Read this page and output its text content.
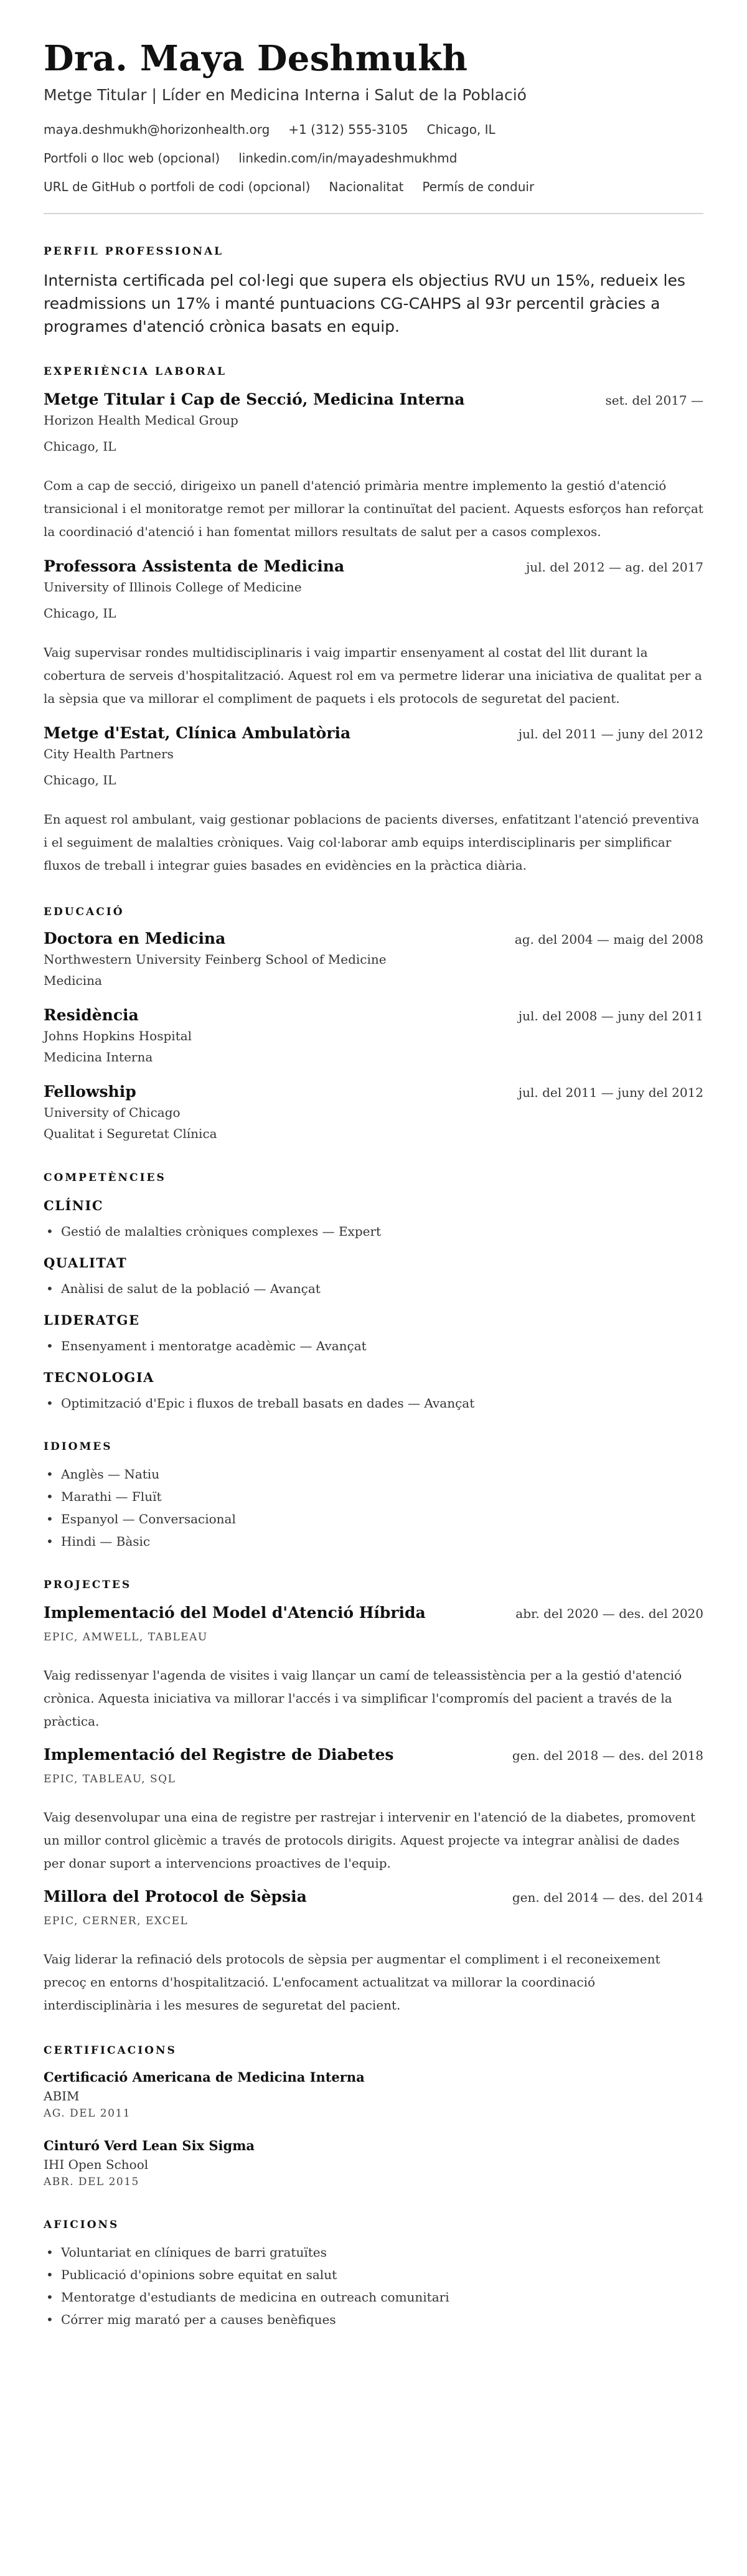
Dra. Maya Deshmukh
Metge Titular | Líder en Medicina Interna i Salut de la Població
maya.deshmukh@horizonhealth.org +1 (312) 555-3105 Chicago, IL
Portfoli o lloc web (opcional) linkedin.com/in/mayadeshmukhmd
URL de GitHub o portfoli de codi (opcional) Nacionalitat Permís de conduir
PERFIL PROFESSIONAL
Internista certificada pel col·legi que supera els objectius RVU un 15%, redueix les readmissions un 17% i manté puntuacions CG-CAHPS al 93r percentil gràcies a programes d'atenció crònica basats en equip.
EXPERIÈNCIA LABORAL
Metge Titular i Cap de Secció, Medicina Interna	set. del 2017 —
Horizon Health Medical Group
Chicago, IL
Com a cap de secció, dirigeixo un panell d'atenció primària mentre implemento la gestió d'atenció transicional i el monitoratge remot per millorar la continuïtat del pacient. Aquests esforços han reforçat la coordinació d'atenció i han fomentat millors resultats de salut per a casos complexos.
Professora Assistenta de Medicina	jul. del 2012 — ag. del 2017
University of Illinois College of Medicine
Chicago, IL
Vaig supervisar rondes multidisciplinaris i vaig impartir ensenyament al costat del llit durant la cobertura de serveis d'hospitalització. Aquest rol em va permetre liderar una iniciativa de qualitat per a la sèpsia que va millorar el compliment de paquets i els protocols de seguretat del pacient.
Metge d'Estat, Clínica Ambulatòria	jul. del 2011 — juny del 2012
City Health Partners
Chicago, IL
En aquest rol ambulant, vaig gestionar poblacions de pacients diverses, enfatitzant l'atenció preventiva i el seguiment de malalties cròniques. Vaig col·laborar amb equips interdisciplinaris per simplificar fluxos de treball i integrar guies basades en evidències en la pràctica diària.
EDUCACIÓ
Doctora en Medicina	ag. del 2004 — maig del 2008
Northwestern University Feinberg School of Medicine
Medicina
Residència	jul. del 2008 — juny del 2011
Johns Hopkins Hospital
Medicina Interna
Fellowship	jul. del 2011 — juny del 2012
University of Chicago
Qualitat i Seguretat Clínica
COMPETÈNCIES
CLÍNIC
• Gestió de malalties cròniques complexes — Expert
QUALITAT
• Anàlisi de salut de la població — Avançat
LIDERATGE
• Ensenyament i mentoratge acadèmic — Avançat
TECNOLOGIA
• Optimització d'Epic i fluxos de treball basats en dades — Avançat
IDIOMES
• Anglès — Natiu
• Marathi — Fluït
• Espanyol — Conversacional
• Hindi — Bàsic
PROJECTES
Implementació del Model d'Atenció Híbrida	abr. del 2020 — des. del 2020
EPIC, AMWELL, TABLEAU
Vaig redissenyar l'agenda de visites i vaig llançar un camí de teleassistència per a la gestió d'atenció crònica. Aquesta iniciativa va millorar l'accés i va simplificar l'compromís del pacient a través de la pràctica.
Implementació del Registre de Diabetes	gen. del 2018 — des. del 2018
EPIC, TABLEAU, SQL
Vaig desenvolupar una eina de registre per rastrejar i intervenir en l'atenció de la diabetes, promovent un millor control glicèmic a través de protocols dirigits. Aquest projecte va integrar anàlisi de dades per donar suport a intervencions proactives de l'equip.
Millora del Protocol de Sèpsia	gen. del 2014 — des. del 2014
EPIC, CERNER, EXCEL
Vaig liderar la refinació dels protocols de sèpsia per augmentar el compliment i el reconeixement precoç en entorns d'hospitalització. L'enfocament actualitzat va millorar la coordinació interdisciplinària i les mesures de seguretat del pacient.
CERTIFICACIONS
Certificació Americana de Medicina Interna
ABIM
AG. DEL 2011
Cinturó Verd Lean Six Sigma
IHI Open School
ABR. DEL 2015
AFICIONS
• Voluntariat en clíniques de barri gratuïtes
• Publicació d'opinions sobre equitat en salut
• Mentoratge d'estudiants de medicina en outreach comunitari
• Córrer mig marató per a causes benèfiques
